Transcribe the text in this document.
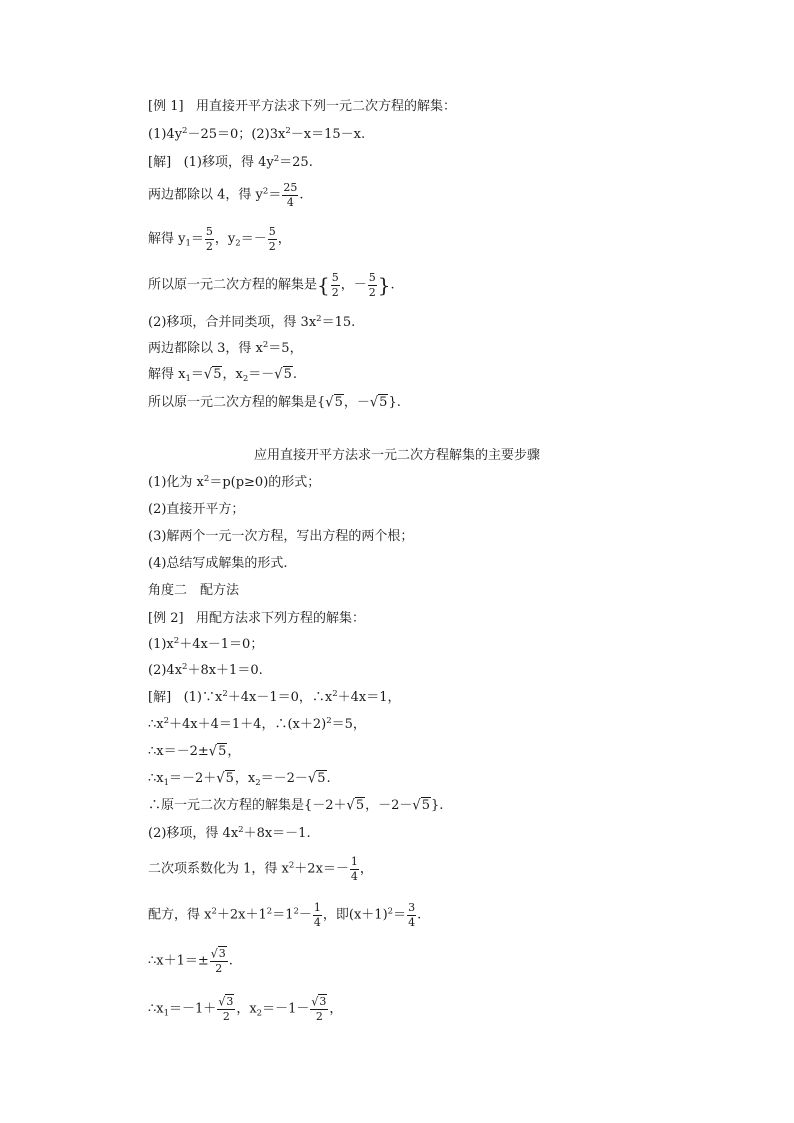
[例 1] 用直接开平方法求下列一元二次方程的解集：
$(1)4y^2-25=0$；$(2)3x^2-x=15-x$.
[解] (1)移项，得 $4y^2=25$.
两边都除以 4，得 $y^2= \frac{25}{4}$ .
解得 $y_1= \frac{5}{2}$ ，$y_2=- \frac{5}{2}$ ，
所以原一元二次方程的解集是{ $\frac{5}{2}$ ，－ $\frac{5}{2}$ }.
(2)移项，合并同类项，得 $3x^2=15$.
两边都除以 3，得 $x^2=5$，
解得 $x_1=√5$，$x_2=-√5$.
所以原一元二次方程的解集是{√5，－√5}.
应用直接开平方法求一元二次方程解集的主要步骤
(1)化为 $x^2=p(p\ge 0)$的形式；
(2)直接开平方；
(3)解两个一元一次方程，写出方程的两个根；
(4)总结写成解集的形式.
角度二　配方法
[例 2] 用配方法求下列方程的解集：
$(1)x^2+4x-1=0$；
$(2)4x^2+8x+1=0$.
[解] $(1)\because x^2+4x-1=0$，$\therefore x^2+4x=1$，
$\therefore x^2+4x+4=1+4$，$\therefore(x+2)^2=5$，
∴x＝－2±√5，
$\therefore x_1=-2+√5$，$x_2=-2-√5$.
∴原一元二次方程的解集是{－2＋√5，－2－√5}.
(2)移项，得 $4x^2+8x=-1$.
二次项系数化为 1，得 $x^2+2x=- \frac{1}{4}$ ，
配方，得 $x^2+2x+1^2=1^2- \frac{1}{4}$ ，即$(x+1)^2= \frac{3}{4}$ .
∴x＋1＝± $\frac{√3}{2}$ .
$\therefore x_1=-1+ \frac{√3}{2}$ ，$x_2=-1- \frac{√3}{2}$ ，
